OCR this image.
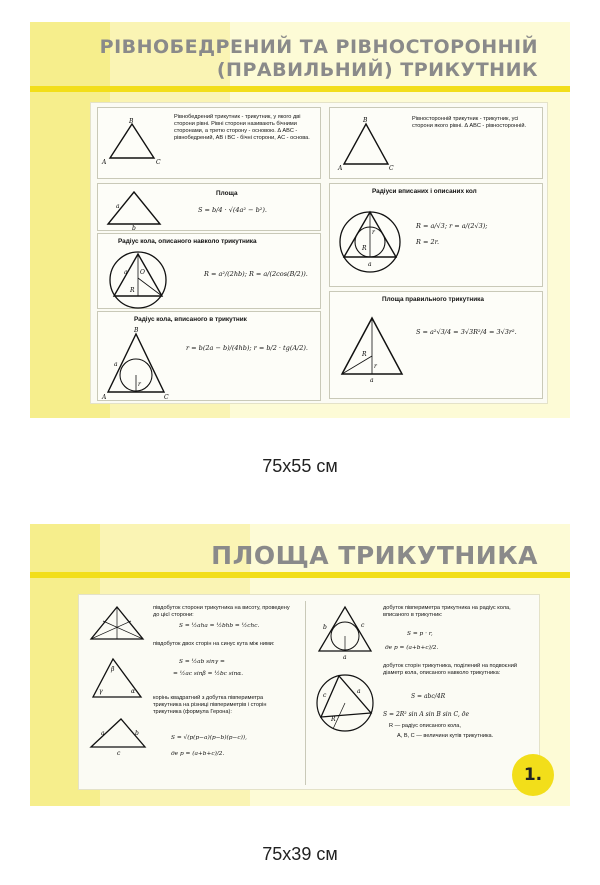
РІВНОБЕДРЕНИЙ ТА РІВНОСТОРОННІЙ (ПРАВИЛЬНИЙ) ТРИКУТНИК
B
A	C
Рівнобедрений трикутник - трикутник, у якого дві сторони рівні. Рівні сторони називають бічними сторонами, а третю сторону - основою. Δ ABC - рівнобедрений, AB і BC - бічні сторони, AC - основа.
B
A	C
Рівносторонній трикутник - трикутник, усі сторони якого рівні. Δ ABC - рівносторонній.
a
b
Площа
S = b/4 · √(4a² − b²).
Радіуси вписаних і описаних кол
R
r
a
R = a/√3; r = a/(2√3);
R = 2r.
Радіус кола, описаного навколо трикутника
a O
R
R = a²/(2hb); R = a/(2cos(B/2)).
Площа правильного трикутника
R
r
a
S = a²√3/4 = 3√3R²/4 = 3√3r².
Радіус кола, вписаного в трикутник
B
A	C
a
r
r = b(2a − b)/(4hb); r = b/2 · tg(A/2).
75х55 см
ПЛОЩА ТРИКУТНИКА
β
γ	α
a	b
c
півдобуток сторони трикутника на висоту, проведену до цієї сторони:
S = ½aha = ½bhb = ½chc.
півдобуток двох сторін на синус кута між ними:
S = ½ab sinγ =
= ½ac sinβ = ½bc sinα.
корінь квадратний з добутка півпериметра трикутника на різниці півпериметрів і сторін трикутника (формула Герона):
S = √(p(p−a)(p−b)(p−c)),
де p = (a+b+c)/2.
c
b
a
R
a
c
добуток півпериметра трикутника на радіус кола, вписаного в трикутник:
S = p · r,
де p = (a+b+c)/2.
добуток сторін трикутника, поділений на подвоєний діаметр кола, описаного навколо трикутника:
S = abc/4R
S = 2R² sin A sin B sin C, де
R — радіус описаного кола,
A, B, C — величини кутів трикутника.
1.
75х39 см
